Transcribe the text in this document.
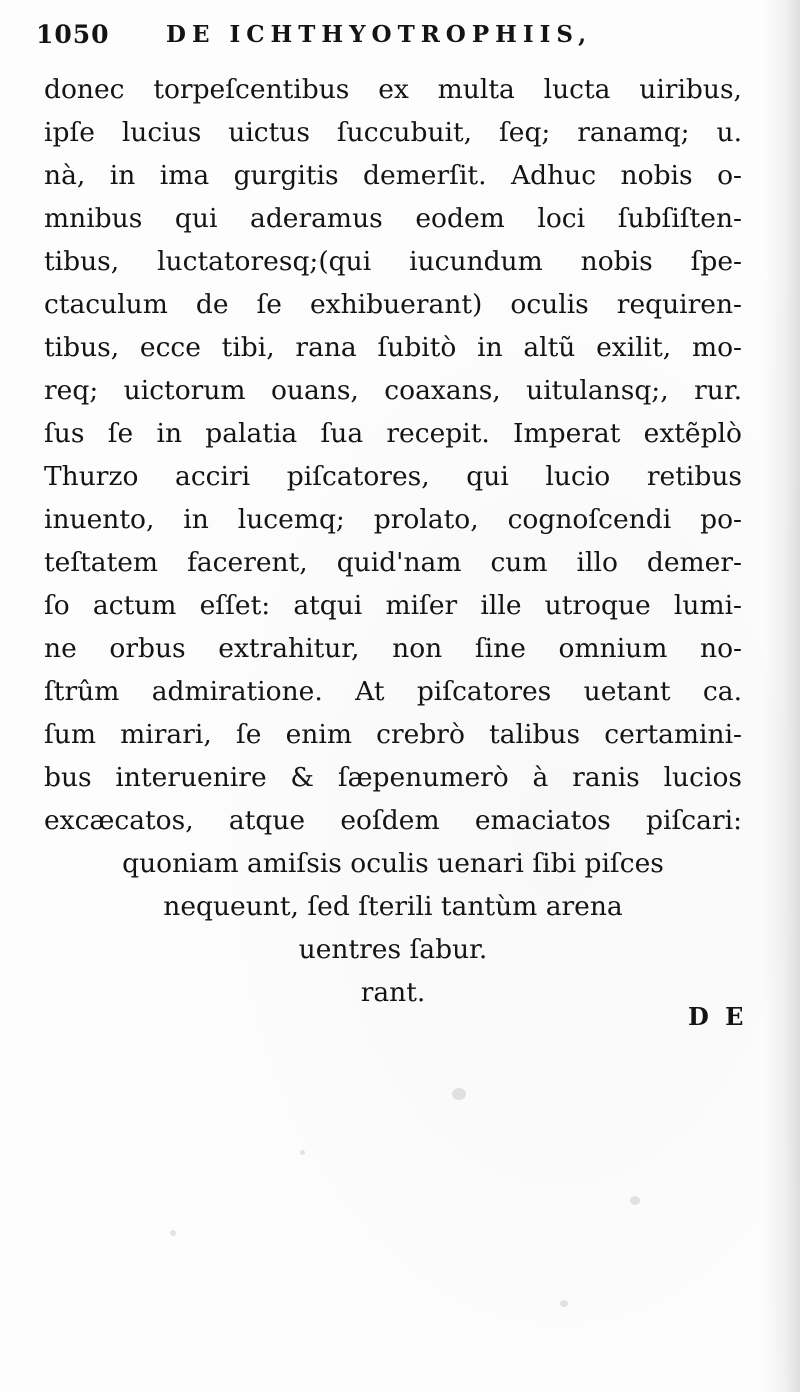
1050 DE ICHTHYOTROPHIIS,
donec torpeſcentibus ex multa lucta uiribus,
ipſe lucius uictus ſuccubuit, ſeq; ranamq; u.
nà, in ima gurgitis demerſit. Adhuc nobis o-
mnibus qui aderamus eodem loci ſubſiſten-
tibus, luctatoresq;(qui iucundum nobis ſpe-
ctaculum de ſe exhibuerant) oculis requiren-
tibus, ecce tibi, rana ſubitò in altũ exilit, mo-
req; uictorum ouans, coaxans, uitulansq;, rur.
ſus ſe in palatia ſua recepit. Imperat extẽplò
Thurzo acciri piſcatores, qui lucio retibus
inuento, in lucemq; prolato, cognoſcendi po-
teſtatem facerent, quid'nam cum illo demer-
ſo actum eſſet: atqui miſer ille utroque lumi-
ne orbus extrahitur, non ſine omnium no-
ſtrûm admiratione. At piſcatores uetant ca.
ſum mirari, ſe enim crebrò talibus certamini-
bus interuenire & ſæpenumerò à ranis lucios
excæcatos, atque eoſdem emaciatos piſcari:
quoniam amiſsis oculis uenari ſibi piſces
nequeunt, ſed ſterili tantùm arena
uentres ſabur.
rant.
D E
